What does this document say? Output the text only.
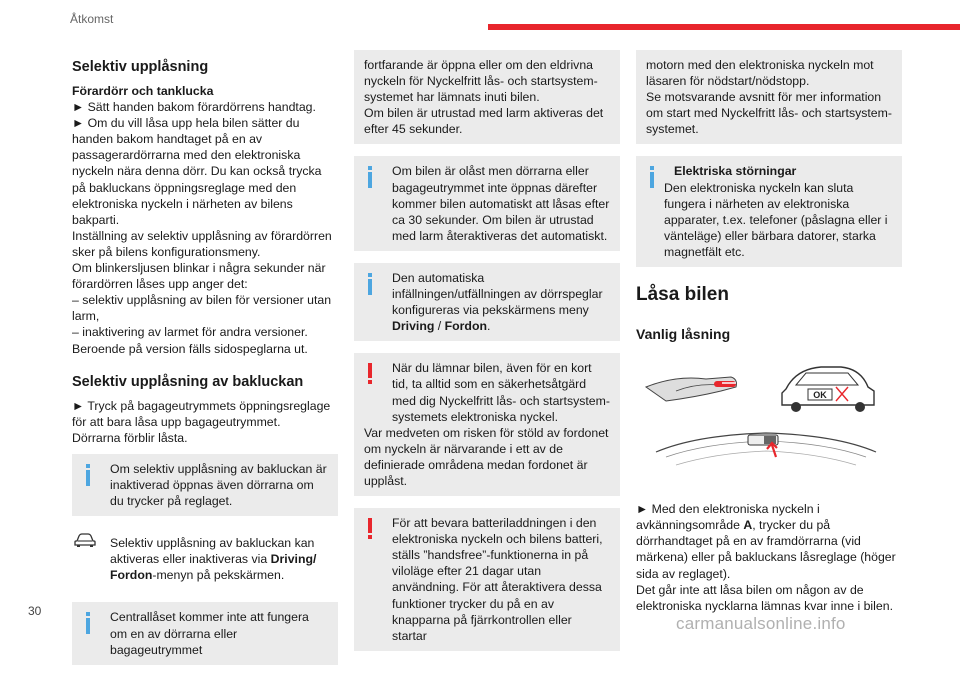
Åtkomst
Selektiv upplåsning

Förardörr och tanklucka

► Sätt handen bakom förardörrens handtag.

► Om du vill låsa upp hela bilen sätter du handen bakom handtaget på en av passagerardörrarna med den elektroniska nyckeln nära denna dörr. Du kan också trycka på bakluckans öppningsreglage med den elektroniska nyckeln i närheten av bilens bakparti.

Inställning av selektiv upplåsning av förardörren sker på bilens konfigurationsmeny.

Om blinkersljusen blinkar i några sekunder när förardörren låses upp anger det:

– selektiv upplåsning av bilen för versioner utan larm,

– inaktivering av larmet för andra versioner.

Beroende på version fälls sidospeglarna ut.

Selektiv upplåsning av bakluckan

► Tryck på bagageutrymmets öppningsreglage för att bara låsa upp bagageutrymmet.

Dörrarna förblir låsta.

Om selektiv upplåsning av bakluckan är inaktiverad öppnas även dörrarna om du trycker på reglaget.

Selektiv upplåsning av bakluckan kan aktiveras eller inaktiveras via Driving/ Fordon-menyn på pekskärmen.

Centrallåset kommer inte att fungera om en av dörrarna eller bagageutrymmet

fortfarande är öppna eller om den eldrivna nyckeln för Nyckelfritt lås- och startsystem-systemet har lämnats inuti bilen.

Om bilen är utrustad med larm aktiveras det efter 45 sekunder.

Om bilen är olåst men dörrarna eller bagageutrymmet inte öppnas därefter kommer bilen automatiskt att låsas efter ca 30 sekunder. Om bilen är utrustad med larm återaktiveras det automatiskt.

Den automatiska infällningen/utfällningen av dörrspeglar konfigureras via pekskärmens meny Driving / Fordon.

När du lämnar bilen, även för en kort tid, ta alltid som en säkerhetsåtgärd med dig Nyckelfritt lås- och startsystem-systemets elektroniska nyckel.

Var medveten om risken för stöld av fordonet om nyckeln är närvarande i ett av de definierade områdena medan fordonet är upplåst.

För att bevara batteriladdningen i den elektroniska nyckeln och bilens batteri, ställs ”handsfree”-funktionerna in på viloläge efter 21 dagar utan användning. För att återaktivera dessa funktioner trycker du på en av knapparna på fjärrkontrollen eller startar

motorn med den elektroniska nyckeln mot läsaren för nödstart/nödstopp.

Se motsvarande avsnitt för mer information om start med Nyckelfritt lås- och startsystem-systemet.

Elektriska störningar

Den elektroniska nyckeln kan sluta fungera i närheten av elektroniska apparater, t.ex. telefoner (påslagna eller i vänteläge) eller bärbara datorer, starka magnetfält etc.

Låsa bilen
Vanlig låsning
OK

► Med den elektroniska nyckeln i avkänningsområde A, trycker du på dörrhandtaget på en av framdörrarna (vid märkena) eller på bakluckans låsreglage (höger sida av reglaget).

Det går inte att låsa bilen om någon av de elektroniska nycklarna lämnas kvar inne i bilen.

30
carmanualsonline.info
